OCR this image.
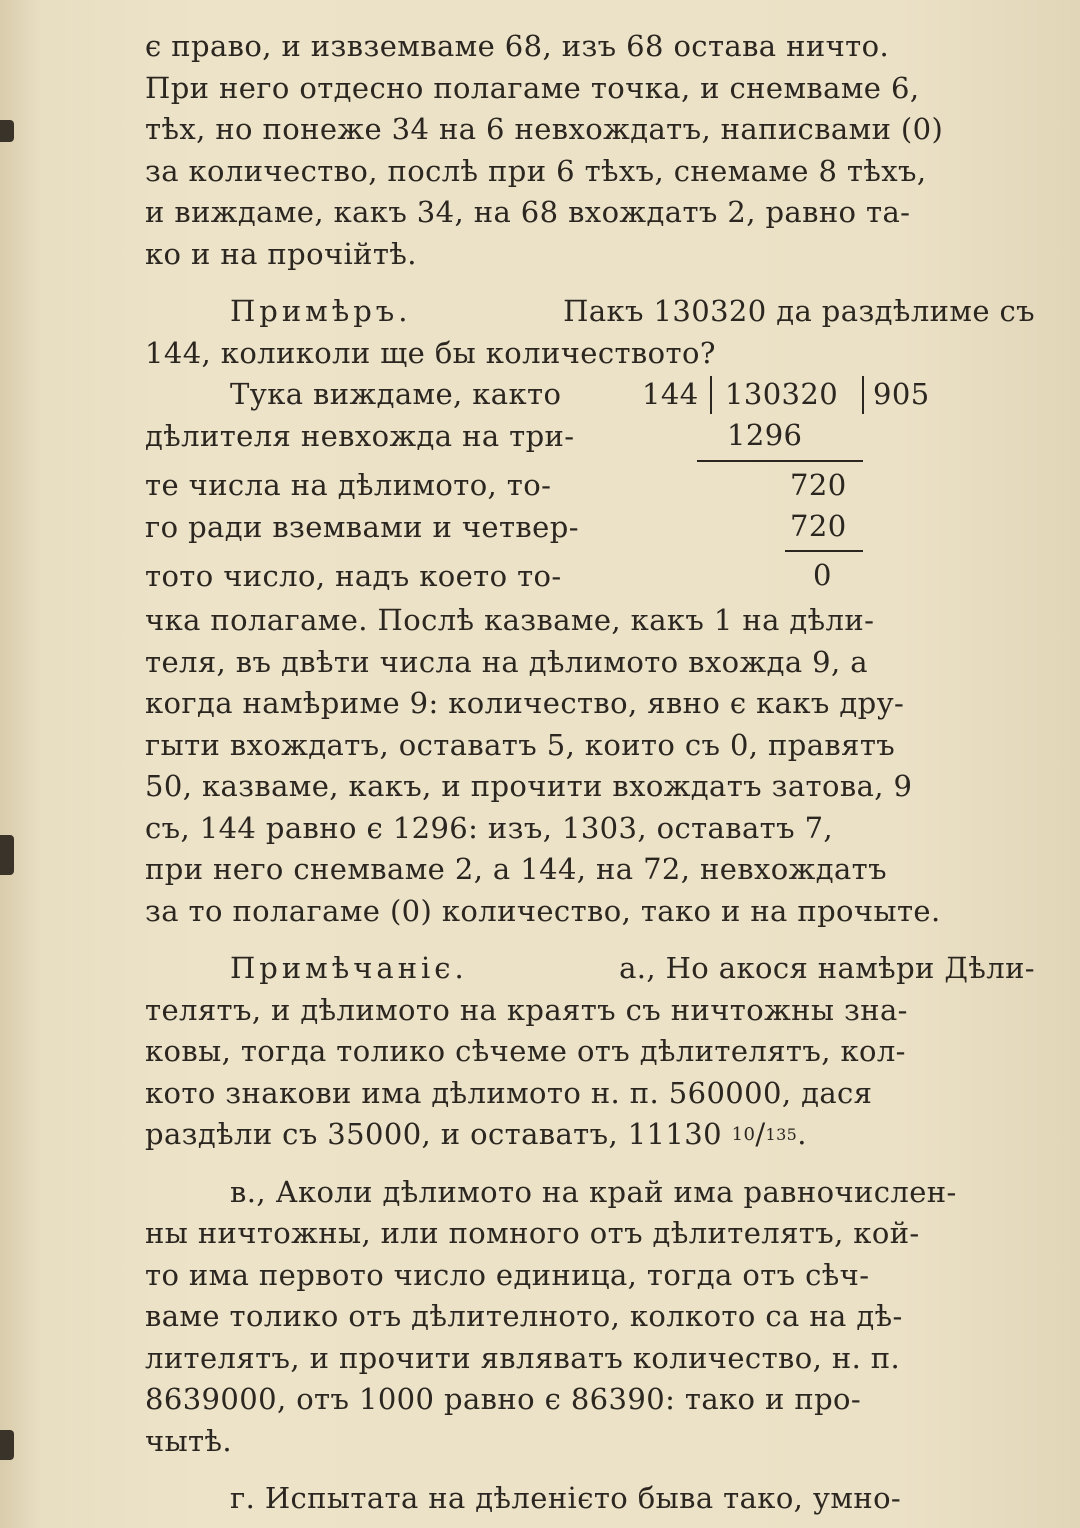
є право, и извземваме 68, изъ 68 остава ничто.
При него отдесно полагаме точка, и снемваме 6,
тѣх, но понеже 34 на 6 невхождатъ, написвами (0)
за количество, послѣ при 6 тѣхъ, снемаме 8 тѣхъ,
и виждаме, какъ 34, на 68 вхождатъ 2, равно та-
ко и на прочійтѣ.
Примѣръ.	Пакъ 130320 да раздѣлиме съ
144, коликоли ще бы количеството?
Тука виждаме, както
дѣлителя невхожда на три-
те числа на дѣлимото, то-
го ради вземвами и четвер-
тото число, надъ което то-
144 130320 905
1296
720
720
0
чка полагаме. Послѣ казваме, какъ 1 на дѣли-
теля, въ двѣти числа на дѣлимото вхожда 9, а
когда намѣриме 9: количество, явно є какъ дру-
гыти вхождатъ, оставатъ 5, които съ 0, правятъ
50, казваме, какъ, и прочити вхождатъ затова, 9
съ, 144 равно є 1296: изъ, 1303, оставатъ 7,
при него снемваме 2, а 144, на 72, невхождатъ
за то полагаме (0) количество, тако и на прочыте.
Примѣчаніє.	а., Но акося намѣри Дѣли-
телятъ, и дѣлимото на краятъ съ ничтожны зна-
ковы, тогда толико сѣчеме отъ дѣлителятъ, кол-
кото знакови има дѣлимото н. п. 560000, дася
раздѣли съ 35000, и оставатъ, 11130
10 / 135 .
в., Аколи дѣлимото на край има равночислен-
ны ничтожны, или помного отъ дѣлителятъ, кой-
то има первото число единица, тогда отъ сѣч-
ваме толико отъ дѣлителното, колкото са на дѣ-
лителятъ, и прочити являватъ количество, н. п.
8639000, отъ 1000 равно є 86390: тако и про-
чытѣ.
г. Испытата на дѣленієто быва тако, умно-
